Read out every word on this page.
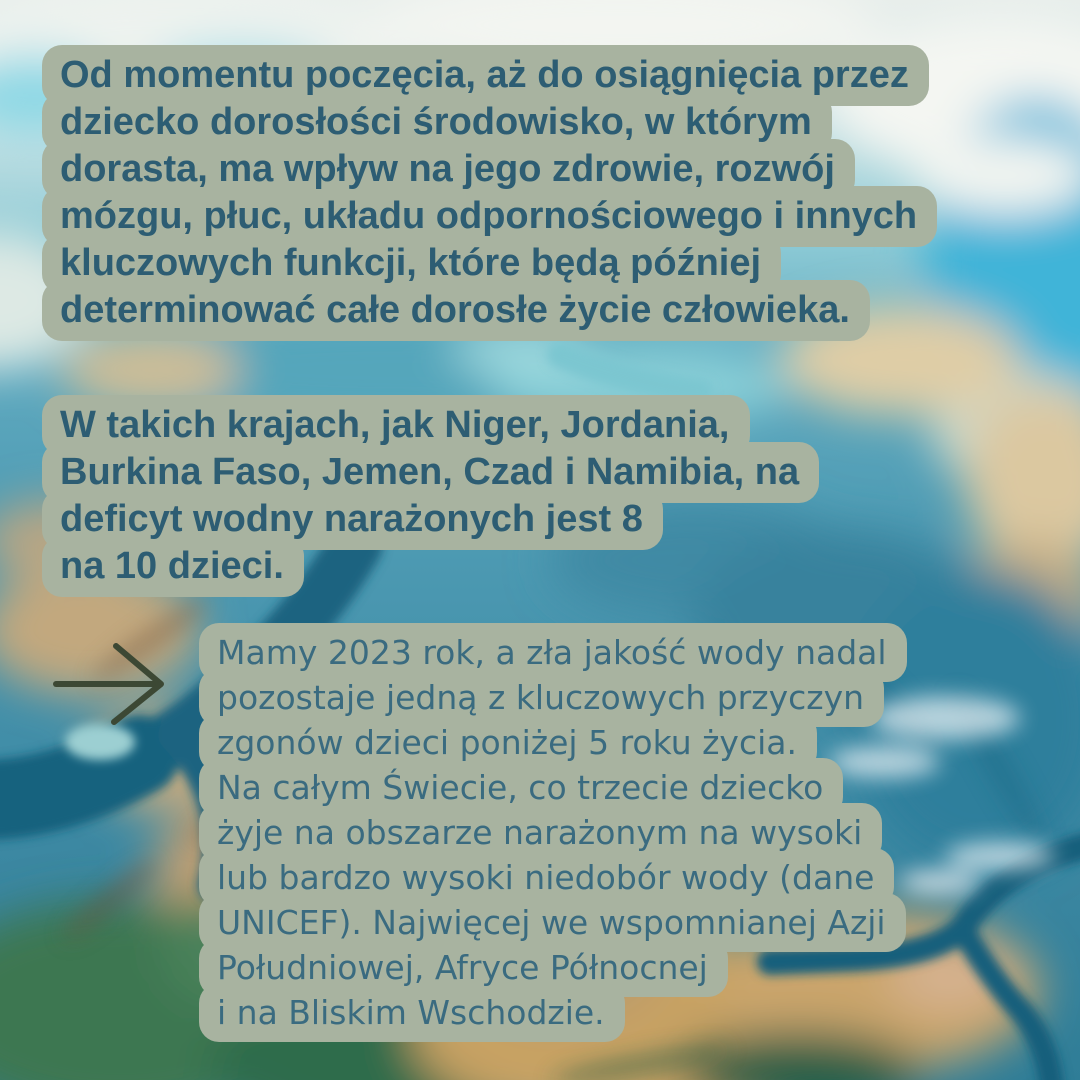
Od momentu poczęcia, aż do osiągnięcia przez
dziecko dorosłości środowisko, w którym
dorasta, ma wpływ na jego zdrowie, rozwój
mózgu, płuc, układu odpornościowego i innych
kluczowych funkcji, które będą później
determinować całe dorosłe życie człowieka.
W takich krajach, jak Niger, Jordania,
Burkina Faso, Jemen, Czad i Namibia, na
deficyt wodny narażonych jest 8
na 10 dzieci.
Mamy 2023 rok, a zła jakość wody nadal
pozostaje jedną z kluczowych przyczyn
zgonów dzieci poniżej 5 roku życia.
Na całym Świecie, co trzecie dziecko
żyje na obszarze narażonym na wysoki
lub bardzo wysoki niedobór wody (dane
UNICEF). Najwięcej we wspomnianej Azji
Południowej, Afryce Północnej
i na Bliskim Wschodzie.
